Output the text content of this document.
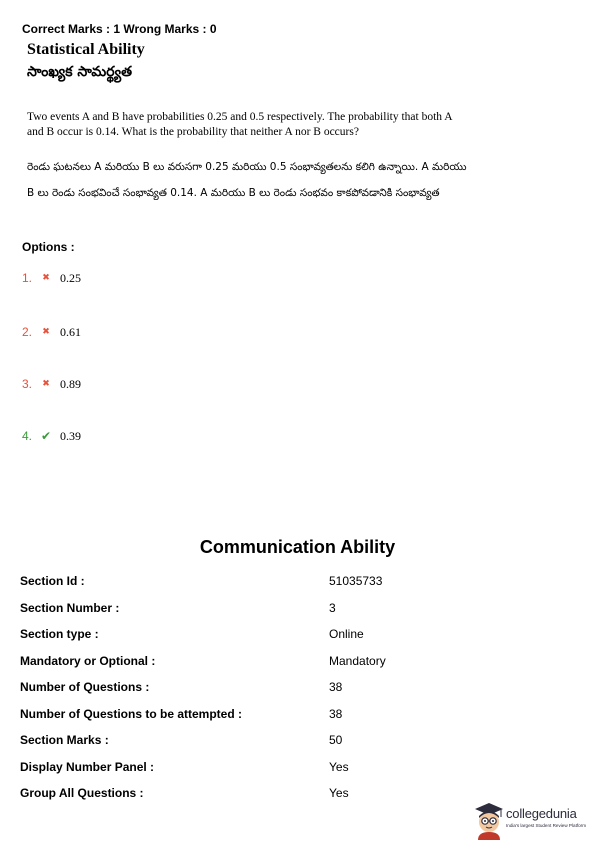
Correct Marks : 1 Wrong Marks : 0
Statistical Ability
సాంఖ్యక సామర్థ్యత
Two events A and B have probabilities 0.25 and 0.5 respectively. The probability that both A and B occur is 0.14. What is the probability that neither A nor B occurs?
రెండు ఘటనలు A మరియు B లు వరుసగా 0.25 మరియు 0.5 సంభావ్యతలను కలిగి ఉన్నాయి. A మరియు B లు రెండు సంభవించే సంభావ్యత 0.14. A మరియు B లు రెండు సంభవం కాకపోవడానికి సంభావ్యత
Options :
1.	✖ 0.25
2.	✖ 0.61
3.	✖ 0.89
4. ✔ 0.39
Communication Ability
Section Id :	51035733
Section Number :	3
Section type :	Online
Mandatory or Optional :	Mandatory
Number of Questions :	38
Number of Questions to be attempted :	38
Section Marks :	50
Display Number Panel :	Yes
Group All Questions :	Yes
collegedunia
India's largest Student Review Platform
